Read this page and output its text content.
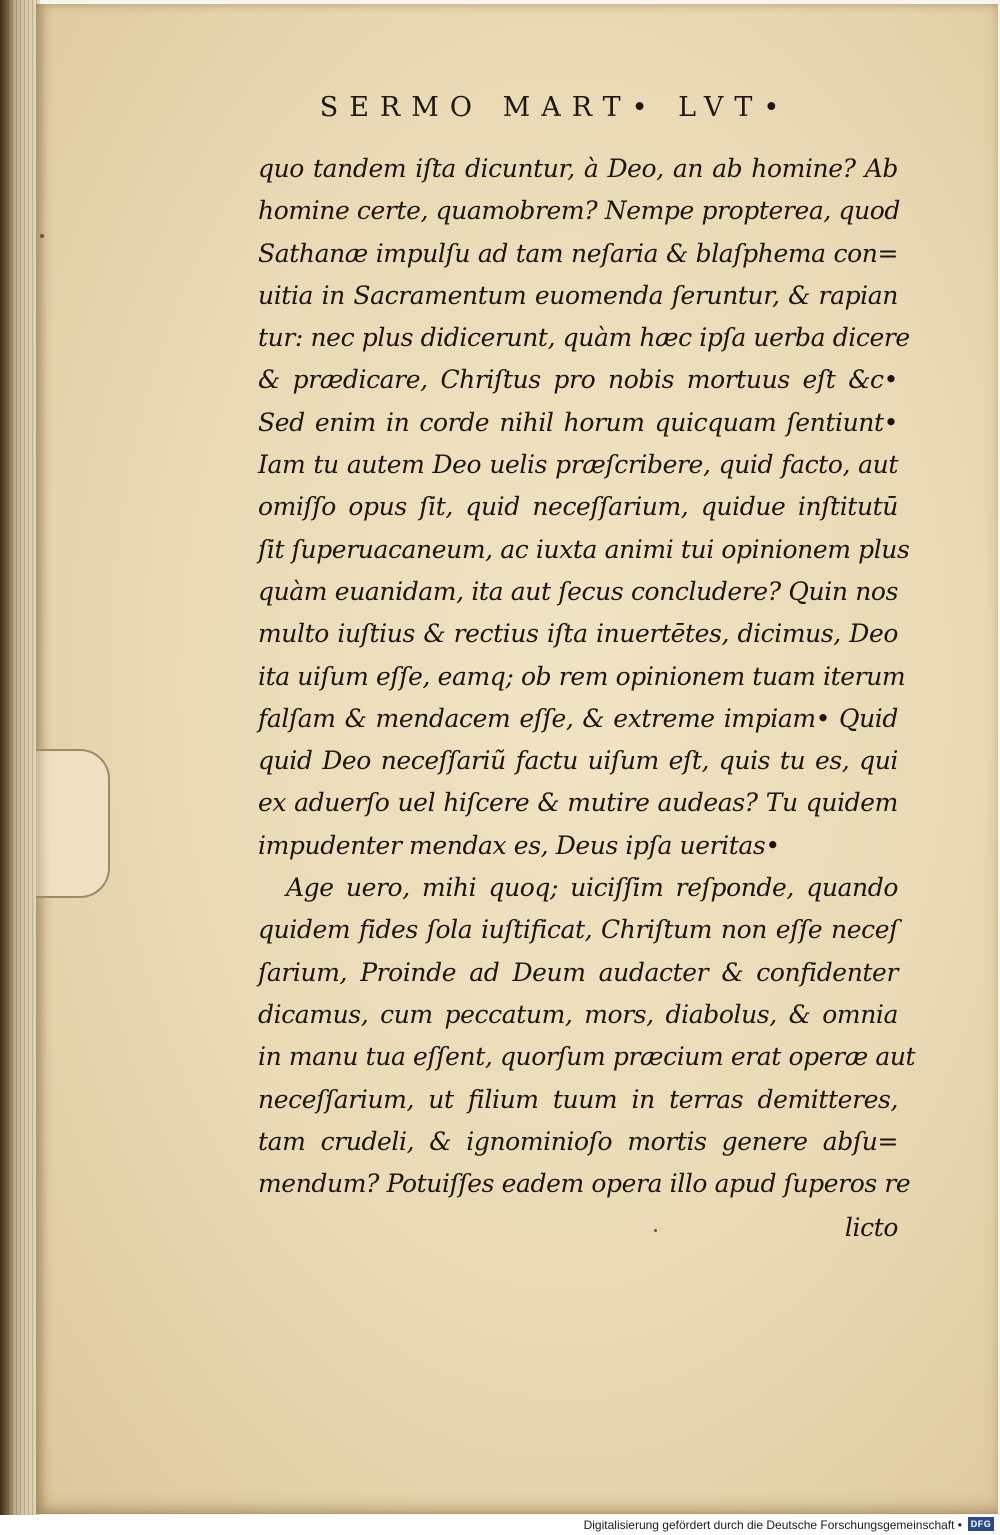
SERMO MART• LVT•
quo tandem iſta dicuntur, à Deo, an ab homine? Ab
homine certe, quamobrem? Nempe propterea, quod
Sathanæ impulſu ad tam neſaria & blaſphema con=
uitia in Sacramentum euomenda ſeruntur, & rapian
tur: nec plus didicerunt, quàm hæc ipſa uerba dicere
& prædicare, Chriſtus pro nobis mortuus eſt &c•
Sed enim in corde nihil horum quicquam ſentiunt•
Iam tu autem Deo uelis præſcribere, quid facto, aut
omiſſo opus ſit, quid neceſſarium, quidue inſtitutū
ſit ſuperuacaneum, ac iuxta animi tui opinionem plus
quàm euanidam, ita aut ſecus concludere? Quin nos
multo iuſtius & rectius iſta inuertētes, dicimus, Deo
ita uiſum eſſe, eamq; ob rem opinionem tuam iterum
falſam & mendacem eſſe, & extreme impiam• Quid
quid Deo neceſſariũ factu uiſum eſt, quis tu es, qui
ex aduerſo uel hiſcere & mutire audeas? Tu quidem
impudenter mendax es, Deus ipſa ueritas•
Age uero, mihi quoq; uiciſſim reſponde, quando
quidem fides ſola iuſtificat, Chriſtum non eſſe neceſ
ſarium, Proinde ad Deum audacter & confidenter
dicamus, cum peccatum, mors, diabolus, & omnia
in manu tua eſſent, quorſum præcium erat operæ aut
neceſſarium, ut filium tuum in terras demitteres,
tam crudeli, & ignominioſo mortis genere abſu=
mendum? Potuiſſes eadem opera illo apud ſuperos re
licto
Digitalisierung gefördert durch die Deutsche Forschungsgemeinschaft • DFG
